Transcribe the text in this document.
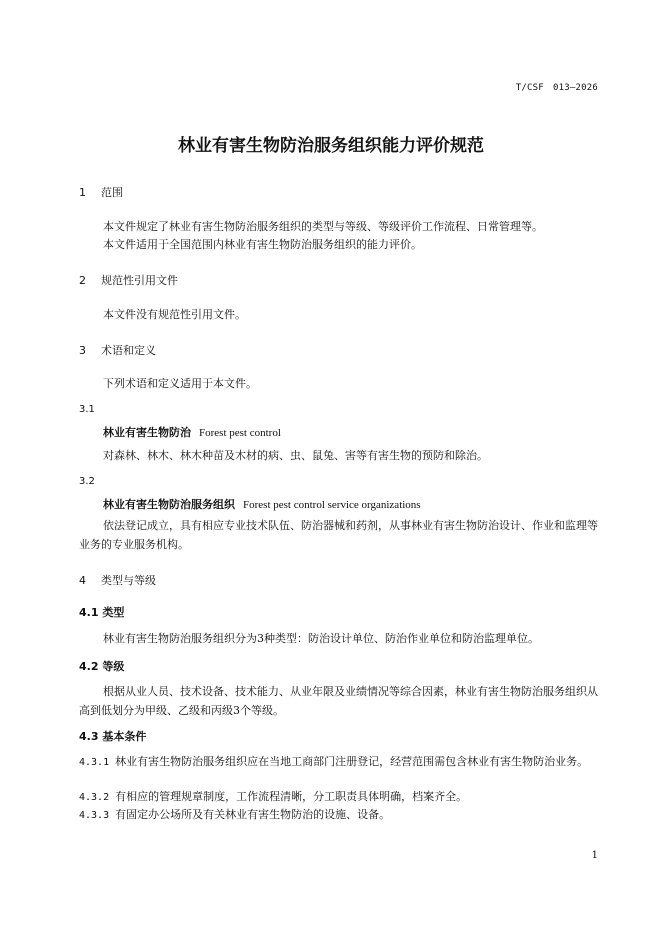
T/CSF　013—2026
林业有害生物防治服务组织能力评价规范
1 范围
本文件规定了林业有害生物防治服务组织的类型与等级、等级评价工作流程、日常管理等。
本文件适用于全国范围内林业有害生物防治服务组织的能力评价。
2 规范性引用文件
本文件没有规范性引用文件。
3 术语和定义
下列术语和定义适用于本文件。
3.1
林业有害生物防治 Forest pest control
对森林、林木、林木种苗及木材的病、虫、鼠兔、害等有害生物的预防和除治。
3.2
林业有害生物防治服务组织 Forest pest control service organizations
依法登记成立，具有相应专业技术队伍、防治器械和药剂，从事林业有害生物防治设计、作业和监理等业务的专业服务机构。
4 类型与等级
4.1 类型
林业有害生物防治服务组织分为3种类型：防治设计单位、防治作业单位和防治监理单位。
4.2 等级
根据从业人员、技术设备、技术能力、从业年限及业绩情况等综合因素，林业有害生物防治服务组织从高到低划分为甲级、乙级和丙级3个等级。
4.3 基本条件
4.3.1 林业有害生物防治服务组织应在当地工商部门注册登记，经营范围需包含林业有害生物防治业务。
4.3.2 有相应的管理规章制度，工作流程清晰，分工职责具体明确，档案齐全。
4.3.3 有固定办公场所及有关林业有害生物防治的设施、设备。
1
